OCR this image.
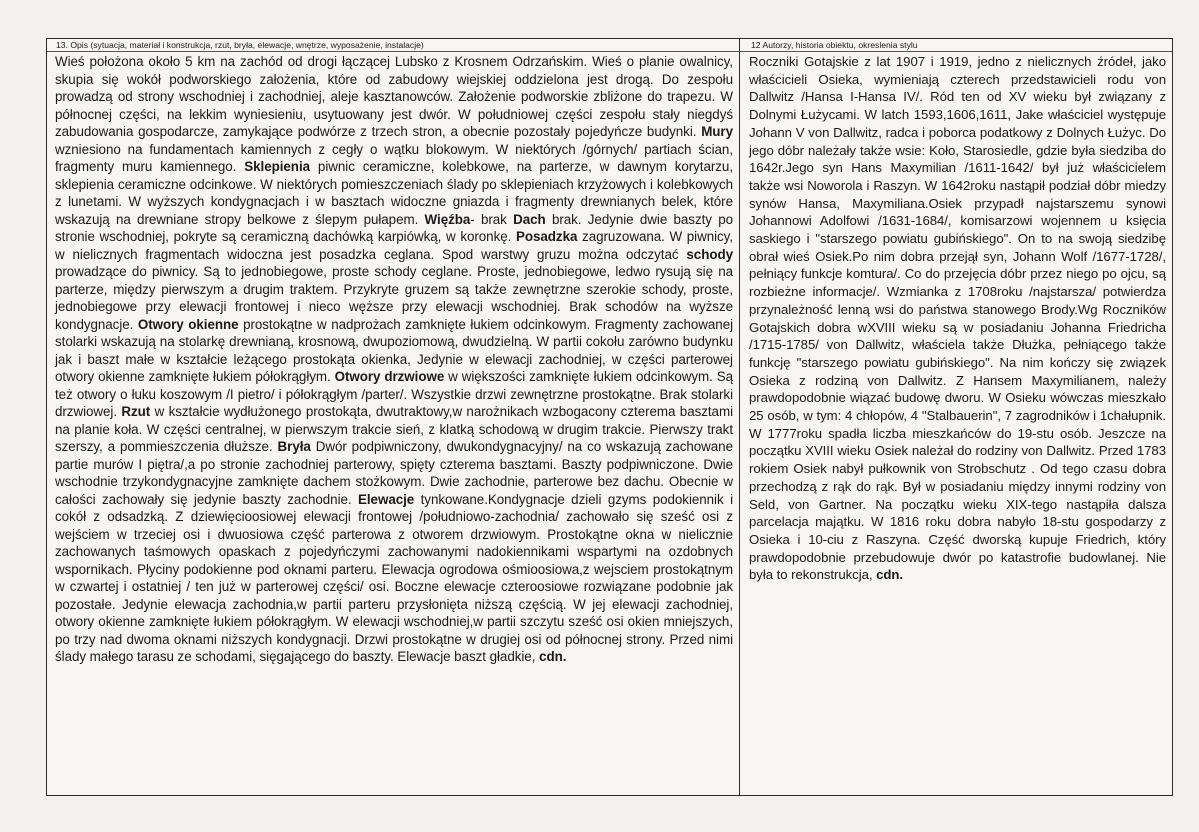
13. Opis (sytuacja, materiał i konstrukcja, rzut, bryła, elewacje, wnętrze, wyposażenie, instalacje)
Wieś położona około 5 km na zachód od drogi łączącej Lubsko z Krosnem Odrzańskim. Wieś o planie owalnicy, skupia się wokół podworskiego założenia, które od zabudowy wiejskiej oddzielona jest drogą. Do zespołu prowadzą od strony wschodniej i zachodniej, aleje kasztanowców. Założenie podworskie zbliżone do trapezu. W północnej części, na lekkim wyniesieniu, usytuowany jest dwór. W południowej części zespołu stały niegdyś zabudowania gospodarcze, zamykające podwórze z trzech stron, a obecnie pozostały pojedyńcze budynki. Mury wzniesiono na fundamentach kamiennych z cegły o wątku blokowym. W niektórych /górnych/ partiach ścian, fragmenty muru kamiennego. Sklepienia piwnic ceramiczne, kolebkowe, na parterze, w dawnym korytarzu, sklepienia ceramiczne odcinkowe. W niektórych pomieszczeniach ślady po sklepieniach krzyżowych i kolebkowych z lunetami. W wyższych kondygnacjach i w basztach widoczne gniazda i fragmenty drewnianych belek, które wskazują na drewniane stropy belkowe z ślepym pułapem. Więźba- brak Dach brak. Jedynie dwie baszty po stronie wschodniej, pokryte są ceramiczną dachówką karpiówką, w koronkę. Posadzka zagruzowana. W piwnicy, w nielicznych fragmentach widoczna jest posadzka ceglana. Spod warstwy gruzu można odczytać schody prowadzące do piwnicy. Są to jednobiegowe, proste schody ceglane. Proste, jednobiegowe, ledwo rysują się na parterze, między pierwszym a drugim traktem. Przykryte gruzem są także zewnętrzne szerokie schody, proste, jednobiegowe przy elewacji frontowej i nieco węższe przy elewacji wschodniej. Brak schodów na wyższe kondygnacje. Otwory okienne prostokątne w nadprożach zamknięte łukiem odcinkowym. Fragmenty zachowanej stolarki wskazują na stolarkę drewnianą, krosnową, dwupoziomową, dwudzielną. W partii cokołu zarówno budynku jak i baszt małe w kształcie leżącego prostokąta okienka, Jedynie w elewacji zachodniej, w części parterowej otwory okienne zamknięte łukiem półokrągłym. Otwory drzwiowe w większości zamknięte łukiem odcinkowym. Są też otwory o łuku koszowym /I pietro/ i półokrągłym /parter/. Wszystkie drzwi zewnętrzne prostokątne. Brak stolarki drzwiowej. Rzut w kształcie wydłużonego prostokąta, dwutraktowy,w narożnikach wzbogacony czterema basztami na planie koła. W części centralnej, w pierwszym trakcie sień, z klatką schodową w drugim trakcie. Pierwszy trakt szerszy, a pommieszczenia dłuższe. Bryła Dwór podpiwniczony, dwukondygnacyjny/ na co wskazują zachowane partie murów I piętra/,a po stronie zachodniej parterowy, spięty czterema basztami. Baszty podpiwniczone. Dwie wschodnie trzykondygnacyjne zamknięte dachem stożkowym. Dwie zachodnie, parterowe bez dachu. Obecnie w całości zachowały się jedynie baszty zachodnie. Elewacje tynkowane.Kondygnacje dzieli gzyms podokiennik i cokół z odsadzką. Z dziewięcioosiowej elewacji frontowej /południowo-zachodnia/ zachowało się sześć osi z wejściem w trzeciej osi i dwuosiowa część parterowa z otworem drzwiowym. Prostokątne okna w nielicznie zachowanych taśmowych opaskach z pojedyńczymi zachowanymi nadokiennikami wspartymi na ozdobnych wspornikach. Płyciny podokienne pod oknami parteru. Elewacja ogrodowa ośmioosiowa,z wejsciem prostokątnym w czwartej i ostatniej / ten już w parterowej części/ osi. Boczne elewacje czteroosiowe rozwiązane podobnie jak pozostałe. Jedynie elewacja zachodnia,w partii parteru przysłonięta niższą częścią. W jej elewacji zachodniej, otwory okienne zamknięte łukiem półokrągłym. W elewacji wschodniej,w partii szczytu sześć osi okien mniejszych, po trzy nad dwoma oknami niższych kondygnacji. Drzwi prostokątne w drugiej osi od północnej strony. Przed nimi ślady małego tarasu ze schodami, sięgającego do baszty. Elewacje baszt gładkie, cdn.
12 Autorzy, historia obiektu, okreslenia stylu
Roczniki Gotajskie z lat 1907 i 1919, jedno z nielicznych źródeł, jako właścicieli Osieka, wymieniają czterech przedstawicieli rodu von Dallwitz /Hansa I-Hansa IV/. Ród ten od XV wieku był związany z Dolnymi Łużycami. W latch 1593,1606,1611, Jake właściciel występuje Johann V von Dallwitz, radca i poborca podatkowy z Dolnych Łużyc. Do jego dóbr należały także wsie: Koło, Starosiedle, gdzie była siedziba do 1642r.Jego syn Hans Maxymilian /1611-1642/ był już właścicielem także wsi Noworola i Raszyn. W 1642roku nastąpił podział dóbr miedzy synów Hansa, Maxymiliana.Osiek przypadł najstarszemu synowi Johannowi Adolfowi /1631-1684/, komisarzowi wojennem u księcia saskiego i "starszego powiatu gubińskiego". On to na swoją siedzibę obrał wieś Osiek.Po nim dobra przejął syn, Johann Wolf /1677-1728/, pełniący funkcje komtura/. Co do przejęcia dóbr przez niego po ojcu, są rozbieżne informacje/. Wzmianka z 1708roku /najstarsza/ potwierdza przynależność lenną wsi do państwa stanowego Brody.Wg Roczników Gotajskich dobra wXVIII wieku są w posiadaniu Johanna Friedricha /1715-1785/ von Dallwitz, właściela także Dłużka, pełniącego także funkcję "starszego powiatu gubińskiego". Na nim kończy się związek Osieka z rodziną von Dallwitz. Z Hansem Maxymilianem, należy prawdopodobnie wiązać budowę dworu. W Osieku wówczas mieszkało 25 osób, w tym: 4 chłopów, 4 "Stalbauerin", 7 zagrodników i 1chałupnik. W 1777roku spadła liczba mieszkańców do 19-stu osób. Jeszcze na początku XVIII wieku Osiek należał do rodziny von Dallwitz. Przed 1783 rokiem Osiek nabył pułkownik von Strobschutz . Od tego czasu dobra przechodzą z rąk do rąk. Był w posiadaniu między innymi rodziny von Seld, von Gartner. Na początku wieku XIX-tego nastąpiła dalsza parcelacja majątku. W 1816 roku dobra nabyło 18-stu gospodarzy z Osieka i 10-ciu z Raszyna. Część dworską kupuje Friedrich, który prawdopodobnie przebudowuje dwór po katastrofie budowlanej. Nie była to rekonstrukcja, cdn.
